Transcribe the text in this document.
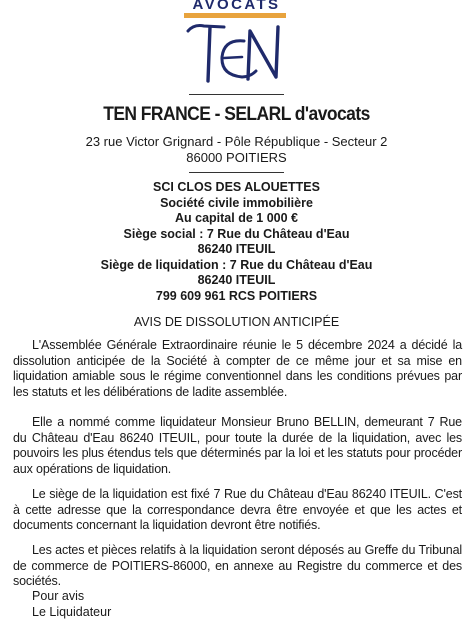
AVOCATS
TEN FRANCE - SELARL d'avocats
23 rue Victor Grignard - Pôle République - Secteur 2
86000 POITIERS
SCI CLOS DES ALOUETTES
Société civile immobilière
Au capital de 1 000 €
Siège social : 7 Rue du Château d'Eau
86240 ITEUIL
Siège de liquidation : 7 Rue du Château d'Eau
86240 ITEUIL
799 609 961 RCS POITIERS
AVIS DE DISSOLUTION ANTICIPÉE
L'Assemblée Générale Extraordinaire réunie le 5 décembre 2024 a décidé la dissolution anticipée de la Société à compter de ce même jour et sa mise en liquidation amiable sous le régime conventionnel dans les conditions prévues par les statuts et les délibérations de ladite assemblée.
Elle a nommé comme liquidateur Monsieur Bruno BELLIN, demeurant 7 Rue du Château d'Eau 86240 ITEUIL, pour toute la durée de la liquidation, avec les pouvoirs les plus étendus tels que déterminés par la loi et les statuts pour procéder aux opérations de liquidation.
Le siège de la liquidation est fixé 7 Rue du Château d'Eau 86240 ITEUIL. C'est à cette adresse que la correspondance devra être envoyée et que les actes et documents concernant la liquidation devront être notifiés.
Les actes et pièces relatifs à la liquidation seront déposés au Greffe du Tribunal de commerce de POITIERS-86000, en annexe au Registre du commerce et des sociétés.
Pour avis
Le Liquidateur
